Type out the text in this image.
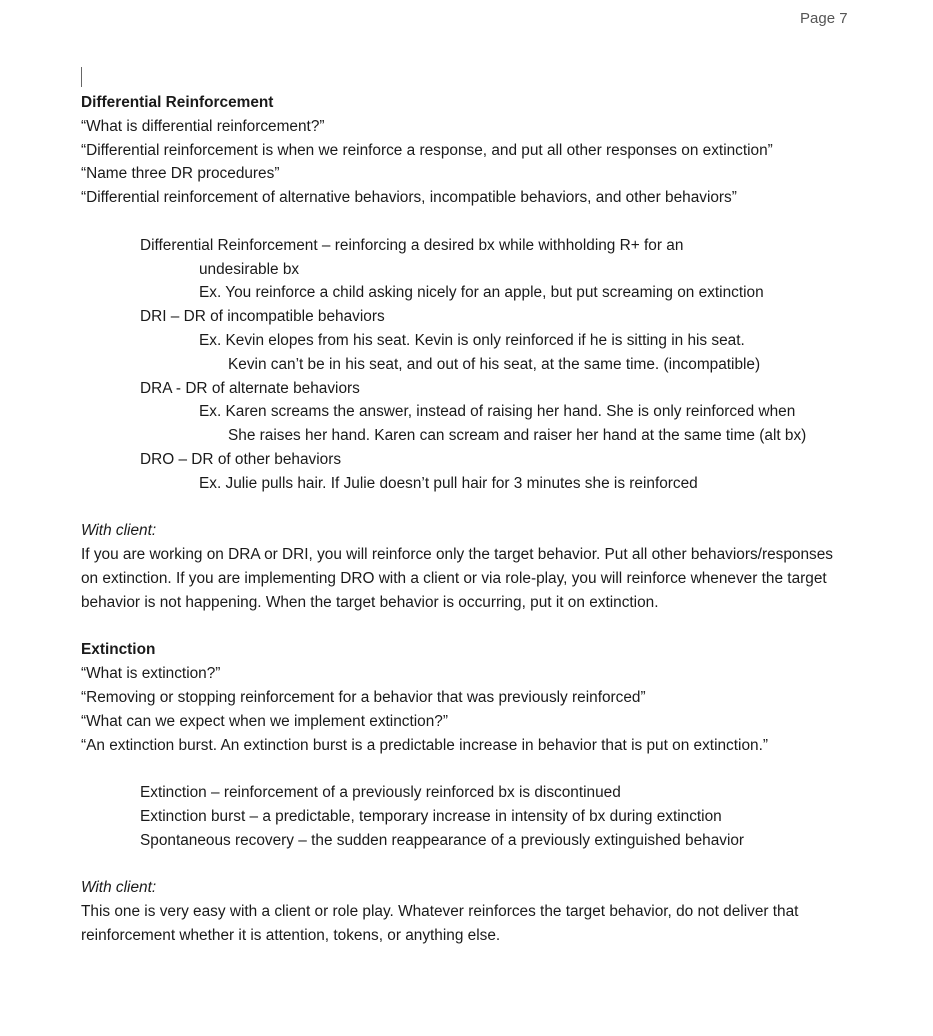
Page 7

Differential Reinforcement

“What is differential reinforcement?”

“Differential reinforcement is when we reinforce a response, and put all other responses on extinction”

“Name three DR procedures”

“Differential reinforcement of alternative behaviors, incompatible behaviors, and other behaviors”

Differential Reinforcement – reinforcing a desired bx while withholding R+ for an

undesirable bx

Ex. You reinforce a child asking nicely for an apple, but put screaming on extinction

DRI – DR of incompatible behaviors

Ex. Kevin elopes from his seat. Kevin is only reinforced if he is sitting in his seat.

Kevin can’t be in his seat, and out of his seat, at the same time. (incompatible)

DRA - DR of alternate behaviors

Ex. Karen screams the answer, instead of raising her hand. She is only reinforced when

She raises her hand. Karen can scream and raiser her hand at the same time (alt bx)

DRO – DR of other behaviors

Ex. Julie pulls hair. If Julie doesn’t pull hair for 3 minutes she is reinforced

With client:

If you are working on DRA or DRI, you will reinforce only the target behavior. Put all other behaviors/responses on extinction. If you are implementing DRO with a client or via role-play, you will reinforce whenever the target behavior is not happening. When the target behavior is occurring, put it on extinction.

Extinction

“What is extinction?”

“Removing or stopping reinforcement for a behavior that was previously reinforced”

“What can we expect when we implement extinction?”

“An extinction burst. An extinction burst is a predictable increase in behavior that is put on extinction.”

Extinction – reinforcement of a previously reinforced bx is discontinued

Extinction burst – a predictable, temporary increase in intensity of bx during extinction

Spontaneous recovery – the sudden reappearance of a previously extinguished behavior

With client:

This one is very easy with a client or role play. Whatever reinforces the target behavior, do not deliver that reinforcement whether it is attention, tokens, or anything else.
